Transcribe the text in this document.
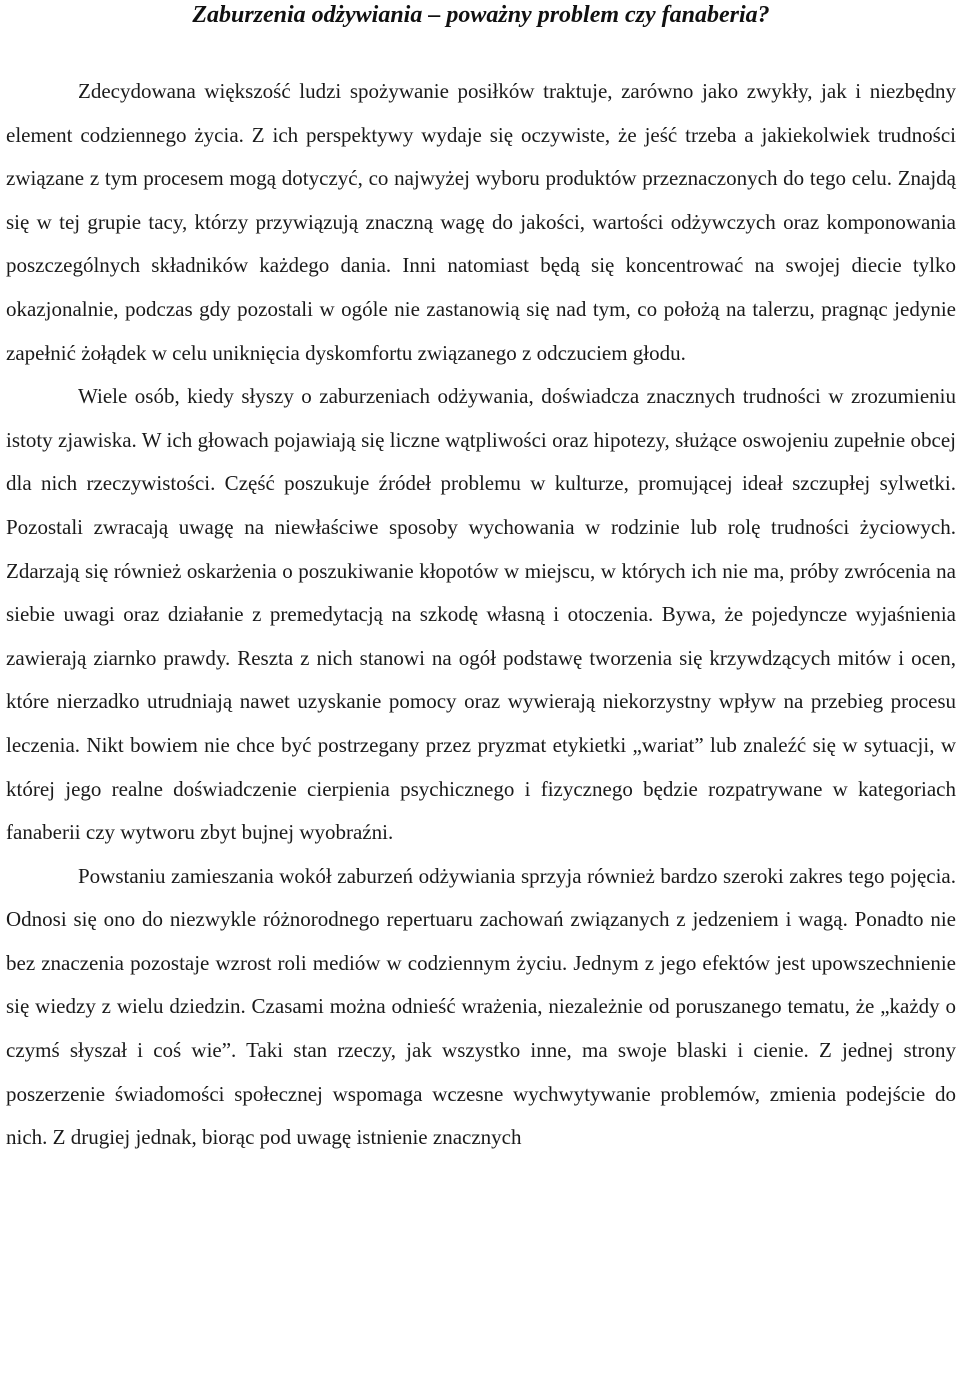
Zaburzenia odżywiania – poważny problem czy fanaberia?

Zdecydowana większość ludzi spożywanie posiłków traktuje, zarówno jako zwykły, jak i niezbędny element codziennego życia. Z ich perspektywy wydaje się oczywiste, że jeść trzeba a jakiekolwiek trudności związane z tym procesem mogą dotyczyć, co najwyżej wyboru produktów przeznaczonych do tego celu. Znajdą się w tej grupie tacy, którzy przywiązują znaczną wagę do jakości, wartości odżywczych oraz komponowania poszczególnych składników każdego dania. Inni natomiast będą się koncentrować na swojej diecie tylko okazjonalnie, podczas gdy pozostali w ogóle nie zastanowią się nad tym, co położą na talerzu, pragnąc jedynie zapełnić żołądek w celu uniknięcia dyskomfortu związanego z odczuciem głodu.

Wiele osób, kiedy słyszy o zaburzeniach odżywania, doświadcza znacznych trudności w zrozumieniu istoty zjawiska. W ich głowach pojawiają się liczne wątpliwości oraz hipotezy, służące oswojeniu zupełnie obcej dla nich rzeczywistości. Część poszukuje źródeł problemu w kulturze, promującej ideał szczupłej sylwetki. Pozostali zwracają uwagę na niewłaściwe sposoby wychowania w rodzinie lub rolę trudności życiowych. Zdarzają się również oskarżenia o poszukiwanie kłopotów w miejscu, w których ich nie ma, próby zwrócenia na siebie uwagi oraz działanie z premedytacją na szkodę własną i otoczenia. Bywa, że pojedyncze wyjaśnienia zawierają ziarnko prawdy. Reszta z nich stanowi na ogół podstawę tworzenia się krzywdzących mitów i ocen, które nierzadko utrudniają nawet uzyskanie pomocy oraz wywierają niekorzystny wpływ na przebieg procesu leczenia. Nikt bowiem nie chce być postrzegany przez pryzmat etykietki „wariat” lub znaleźć się w sytuacji, w której jego realne doświadczenie cierpienia psychicznego i fizycznego będzie rozpatrywane w kategoriach fanaberii czy wytworu zbyt bujnej wyobraźni.

Powstaniu zamieszania wokół zaburzeń odżywiania sprzyja również bardzo szeroki zakres tego pojęcia. Odnosi się ono do niezwykle różnorodnego repertuaru zachowań związanych z jedzeniem i wagą. Ponadto nie bez znaczenia pozostaje wzrost roli mediów w codziennym życiu. Jednym z jego efektów jest upowszechnienie się wiedzy z wielu dziedzin. Czasami można odnieść wrażenia, niezależnie od poruszanego tematu, że „każdy o czymś słyszał i coś wie”. Taki stan rzeczy, jak wszystko inne, ma swoje blaski i cienie. Z jednej strony poszerzenie świadomości społecznej wspomaga wczesne wychwytywanie problemów, zmienia podejście do nich. Z drugiej jednak, biorąc pod uwagę istnienie znacznych
